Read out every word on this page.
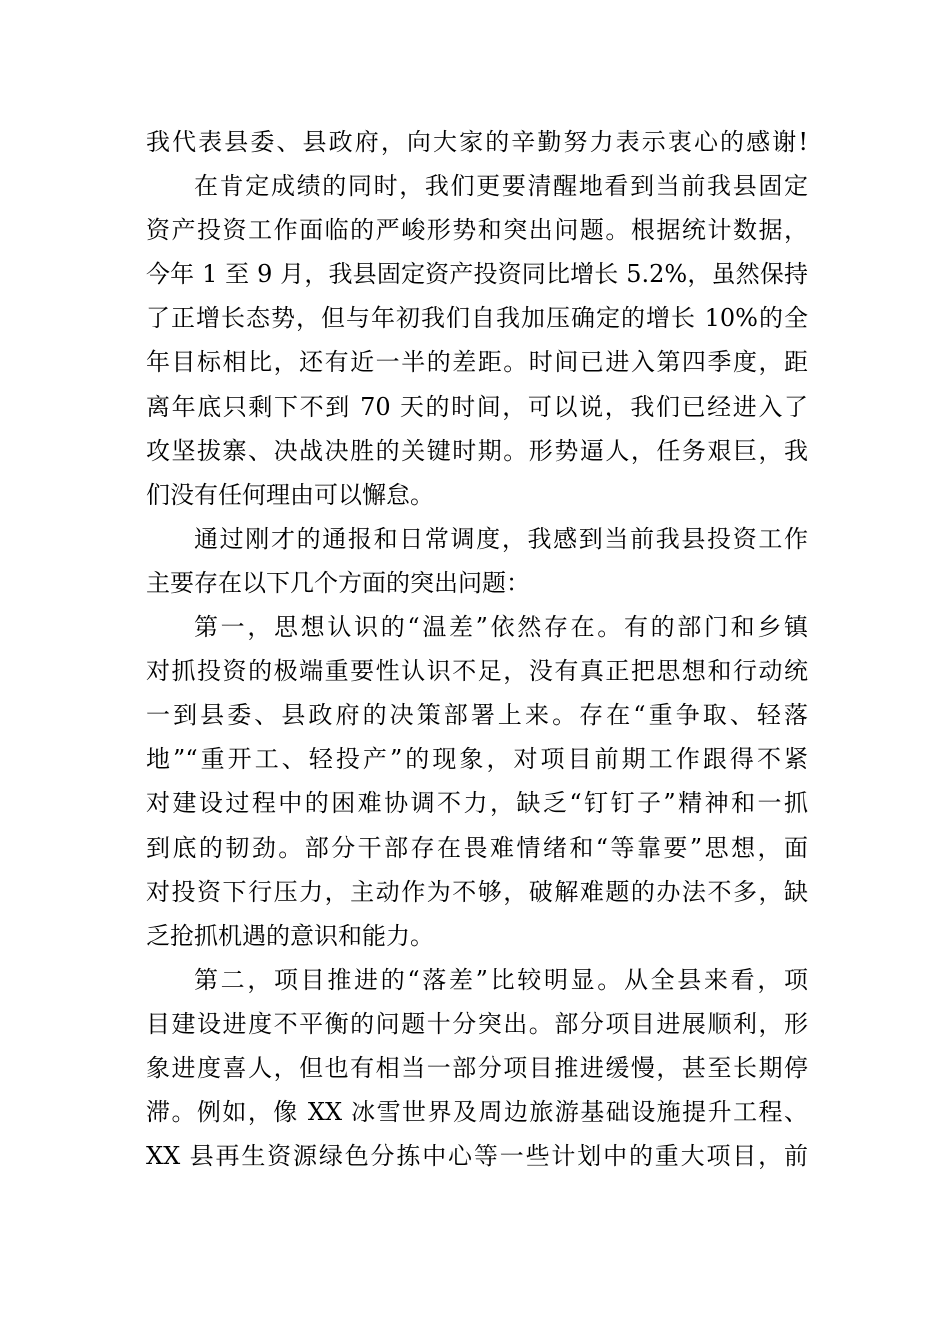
我代表县委、县政府，向大家的辛勤努力表示衷心的感谢!
在肯定成绩的同时，我们更要清醒地看到当前我县固定
资产投资工作面临的严峻形势和突出问题。根据统计数据，
今年 1 至 9 月，我县固定资产投资同比增长 5.2%，虽然保持
了正增长态势，但与年初我们自我加压确定的增长 10%的全
年目标相比，还有近一半的差距。时间已进入第四季度，距
离年底只剩下不到 70 天的时间，可以说，我们已经进入了
攻坚拔寨、决战决胜的关键时期。形势逼人，任务艰巨，我
们没有任何理由可以懈怠。
通过刚才的通报和日常调度，我感到当前我县投资工作
主要存在以下几个方面的突出问题：
第一，思想认识的“温差”依然存在。有的部门和乡镇
对抓投资的极端重要性认识不足，没有真正把思想和行动统
一到县委、县政府的决策部署上来。存在“重争取、轻落
地”“重开工、轻投产”的现象，对项目前期工作跟得不紧
对建设过程中的困难协调不力，缺乏“钉钉子”精神和一抓
到底的韧劲。部分干部存在畏难情绪和“等靠要”思想，面
对投资下行压力，主动作为不够，破解难题的办法不多，缺
乏抢抓机遇的意识和能力。
第二，项目推进的“落差”比较明显。从全县来看，项
目建设进度不平衡的问题十分突出。部分项目进展顺利，形
象进度喜人，但也有相当一部分项目推进缓慢，甚至长期停
滞。例如，像 XX 冰雪世界及周边旅游基础设施提升工程、
XX 县再生资源绿色分拣中心等一些计划中的重大项目，前
